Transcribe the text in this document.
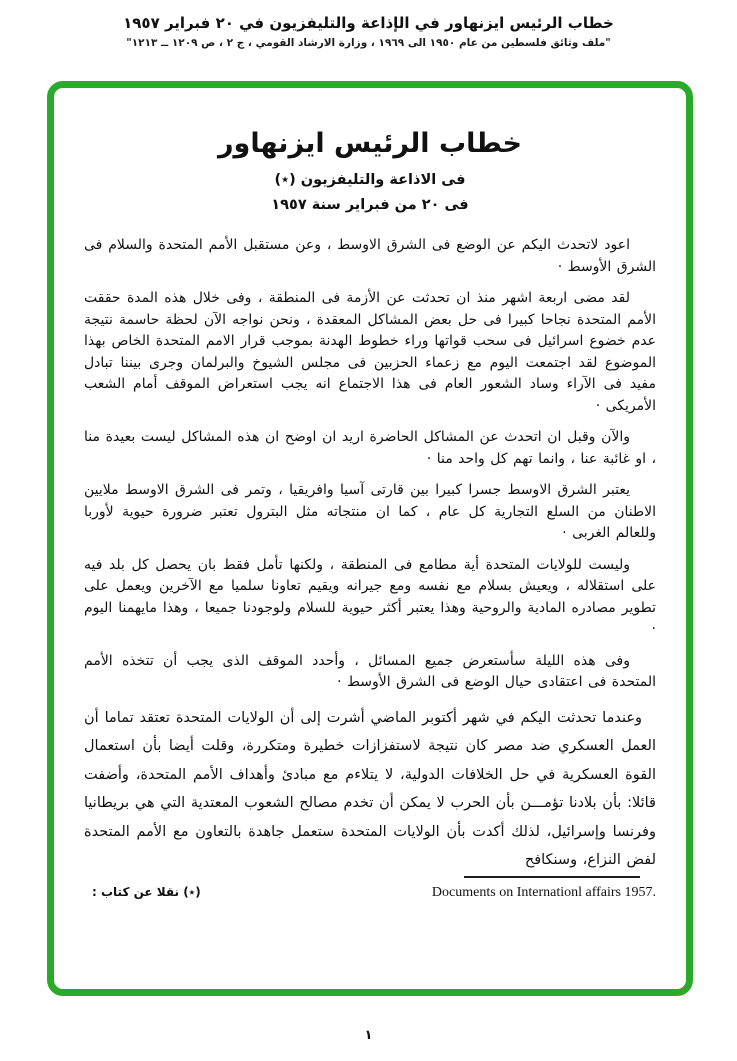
خطاب الرئيس ايزنهاور في الإذاعة والتليفزيون في ٢٠ فبراير ١٩٥٧
"ملف وثائق فلسطين من عام ١٩٥٠ الى ١٩٦٩ ، وزارة الارشاد القومي ، ج ٢ ، ص ١٢٠٩ ــ ١٢١٣"
خطاب الرئيس ايزنهاور
فى الاذاعة والتليفزيون (٭)
فى ٢٠ من فبراير سنة ١٩٥٧

اعود لاتحدث اليكم عن الوضع فى الشرق الاوسط ، وعن مستقبل الأمم المتحدة والسلام فى الشرق الأوسط ·

لقد مضى اربعة اشهر منذ ان تحدثت عن الأزمة فى المنطقة ، وفى خلال هذه المدة حققت الأمم المتحدة نجاحا كبيرا فى حل بعض المشاكل المعقدة ، ونحن نواجه الآن لحظة حاسمة نتيجة عدم خضوع اسرائيل فى سحب قواتها وراء خطوط الهدنة بموجب قرار الامم المتحدة الخاص بهذا الموضوع لقد اجتمعت اليوم مع زعماء الحزبين فى مجلس الشيوخ والبرلمان وجرى بيننا تبادل مفيد فى الآراء وساد الشعور العام فى هذا الاجتماع انه يجب استعراض الموقف أمام الشعب الأمريكى ·

والآن وقبل ان اتحدث عن المشاكل الحاضرة اريد ان اوضح ان هذه المشاكل ليست بعيدة منا ، او غائبة عنا ، وانما تهم كل واحد منا ·

يعتبر الشرق الاوسط جسرا كبيرا بين قارتى آسيا وافريقيا ، وتمر فى الشرق الاوسط ملايين الاطنان من السلع التجارية كل عام ، كما ان منتجاته مثل البترول تعتبر ضرورة حيوية لأوربا وللعالم الغربى ·

وليست للولايات المتحدة أية مطامع فى المنطقة ، ولكنها تأمل فقط بان يحصل كل بلد فيه على استقلاله ، ويعيش بسلام مع نفسه ومع جيرانه ويقيم تعاونا سلميا مع الآخرين ويعمل على تطوير مصادره المادية والروحية وهذا يعتبر أكثر حيوية للسلام ولوجودنا جميعا ، وهذا مايهمنا اليوم ·

وفى هذه الليلة سأستعرض جميع المسائل ، وأحدد الموقف الذى يجب أن تتخذه الأمم المتحدة فى اعتقادى حيال الوضع فى الشرق الأوسط ·

وعندما تحدثت اليكم في شهر أكتوبر الماضي أشرت إلى أن الولايات المتحدة تعتقد تماما أن العمل العسكري ضد مصر كان نتيجة لاستفزازات خطيرة ومتكررة، وقلت أيضا بأن استعمال القوة العسكرية في حل الخلافات الدولية، لا يتلاءم مع مبادئ وأهداف الأمم المتحدة، وأضفت قائلا: بأن بلادنا تؤمـــن بأن الحرب لا يمكن أن تخدم مصالح الشعوب المعتدية التي هي بريطانيا وفرنسا وإسرائيل، لذلك أكدت بأن الولايات المتحدة ستعمل جاهدة بالتعاون مع الأمم المتحدة لفض النزاع، وسنكافح

(٭) نقلا عن كتاب :	Documents on Internationl affairs 1957.
١
